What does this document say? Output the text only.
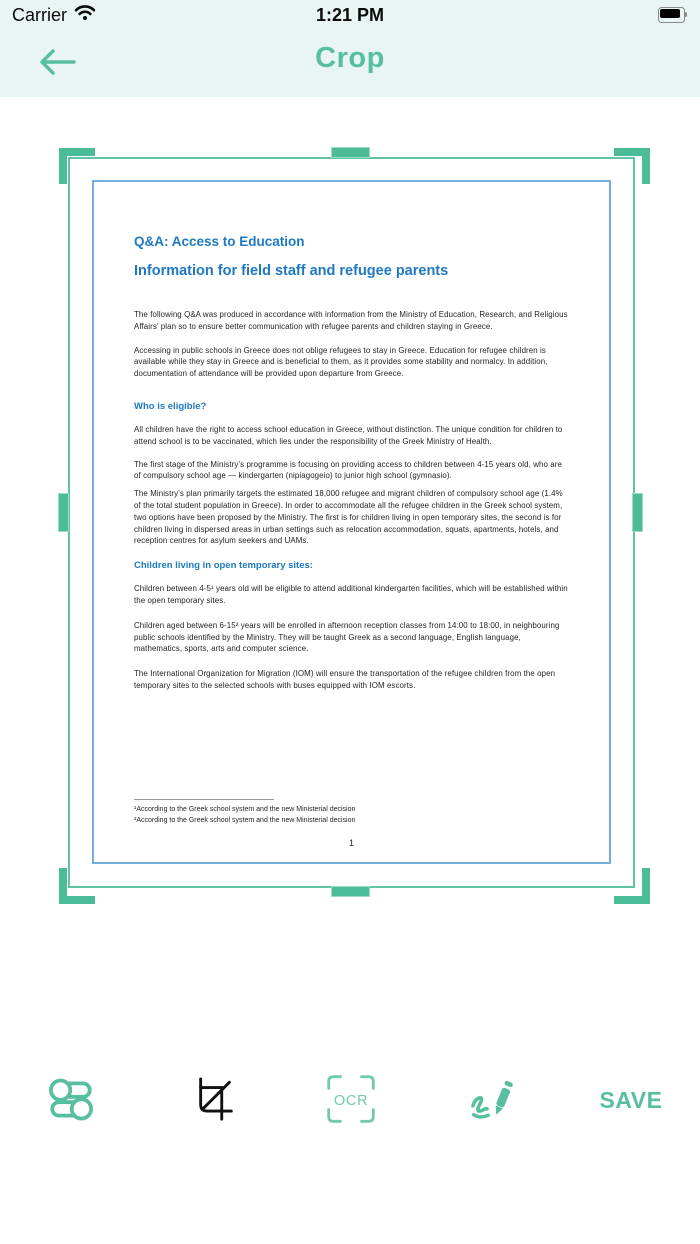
Carrier	1:21 PM
Crop

Q&A: Access to Education

Information for field staff and refugee parents

The following Q&A was produced in accordance with information from the Ministry of Education, Research, and Religious Affairs’ plan so to ensure better communication with refugee parents and children staying in Greece.

Accessing in public schools in Greece does not oblige refugees to stay in Greece. Education for refugee children is available while they stay in Greece and is beneficial to them, as it provides some stability and normalcy. In addition, documentation of attendance will be provided upon departure from Greece.

Who is eligible?

All children have the right to access school education in Greece, without distinction. The unique condition for children to attend school is to be vaccinated, which lies under the responsibility of the Greek Ministry of Health.

The first stage of the Ministry’s programme is focusing on providing access to children between 4-15 years old, who are of compulsory school age — kindergarten (nipiagogeio) to junior high school (gymnasio).

The Ministry’s plan primarily targets the estimated 18,000 refugee and migrant children of compulsory school age (1.4% of the total student population in Greece). In order to accommodate all the refugee children in the Greek school system, two options have been proposed by the Ministry. The first is for children living in open temporary sites, the second is for children living in dispersed areas in urban settings such as relocation accommodation, squats, apartments, hotels, and reception centres for asylum seekers and UAMs.

Children living in open temporary sites:

Children between 4-5¹ years old will be eligible to attend additional kindergarten facilities, which will be established within the open temporary sites.

Children aged between 6-15² years will be enrolled in afternoon reception classes from 14:00 to 18:00, in neighbouring public schools identified by the Ministry. They will be taught Greek as a second language, English language, mathematics, sports, arts and computer science.

The International Organization for Migration (IOM) will ensure the transportation of the refugee children from the open temporary sites to the selected schools with buses equipped with IOM escorts.

¹According to the Greek school system and the new Ministerial decision
²According to the Greek school system and the new Ministerial decision
1
OCR	SAVE
